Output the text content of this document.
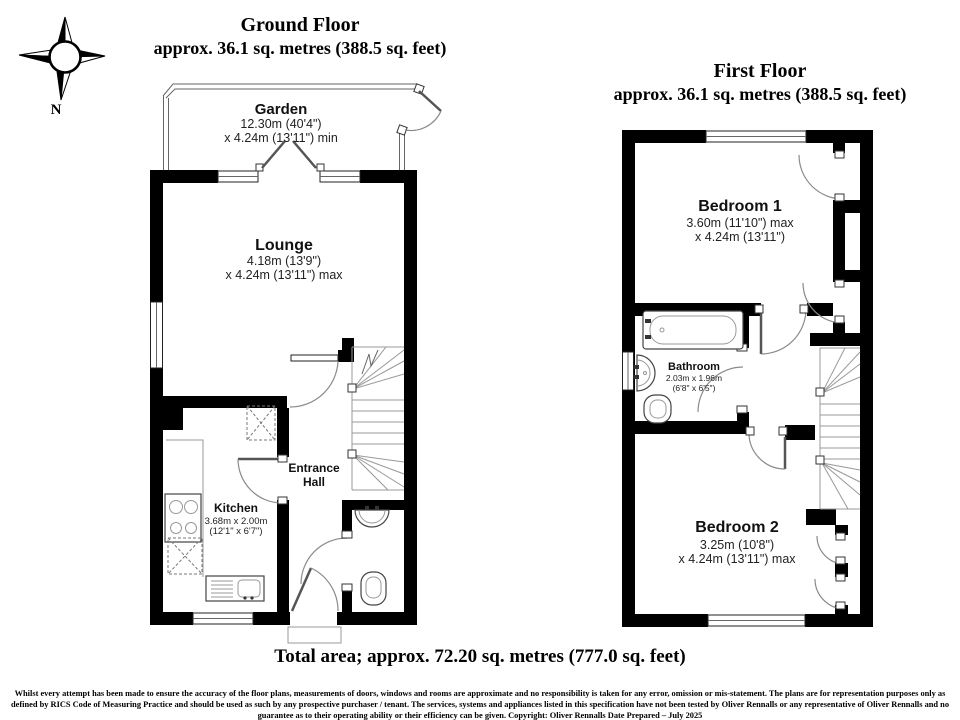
N
Ground Floor
approx. 36.1 sq. metres (388.5 sq. feet)
First Floor
approx. 36.1 sq. metres (388.5 sq. feet)
Garden
12.30m (40'4")
x 4.24m (13'11") min
Lounge
4.18m (13'9")
x 4.24m (13'11") max
Kitchen
3.68m x 2.00m
(12'1" x 6'7")
Entrance
Hall
Bedroom 1
3.60m (11'10") max
x 4.24m (13'11")
Bathroom
2.03m x 1.96m
(6'8" x 6'5")
Bedroom 2
3.25m (10'8")
x 4.24m (13'11") max
Total area; approx. 72.20 sq. metres (777.0 sq. feet)
Whilst every attempt has been made to ensure the accuracy of the floor plans, measurements of doors, windows and rooms are approximate and no responsibility is taken for any error, omission or mis-statement. The plans are for representation purposes only as defined by RICS Code of Measuring Practice and should be used as such by any prospective purchaser / tenant. The services, systems and appliances listed in this specification have not been tested by Oliver Rennalls or any representative of Oliver Rennalls and no guarantee as to their operating ability or their efficiency can be given. Copyright: Oliver Rennalls Date Prepared – July 2025
